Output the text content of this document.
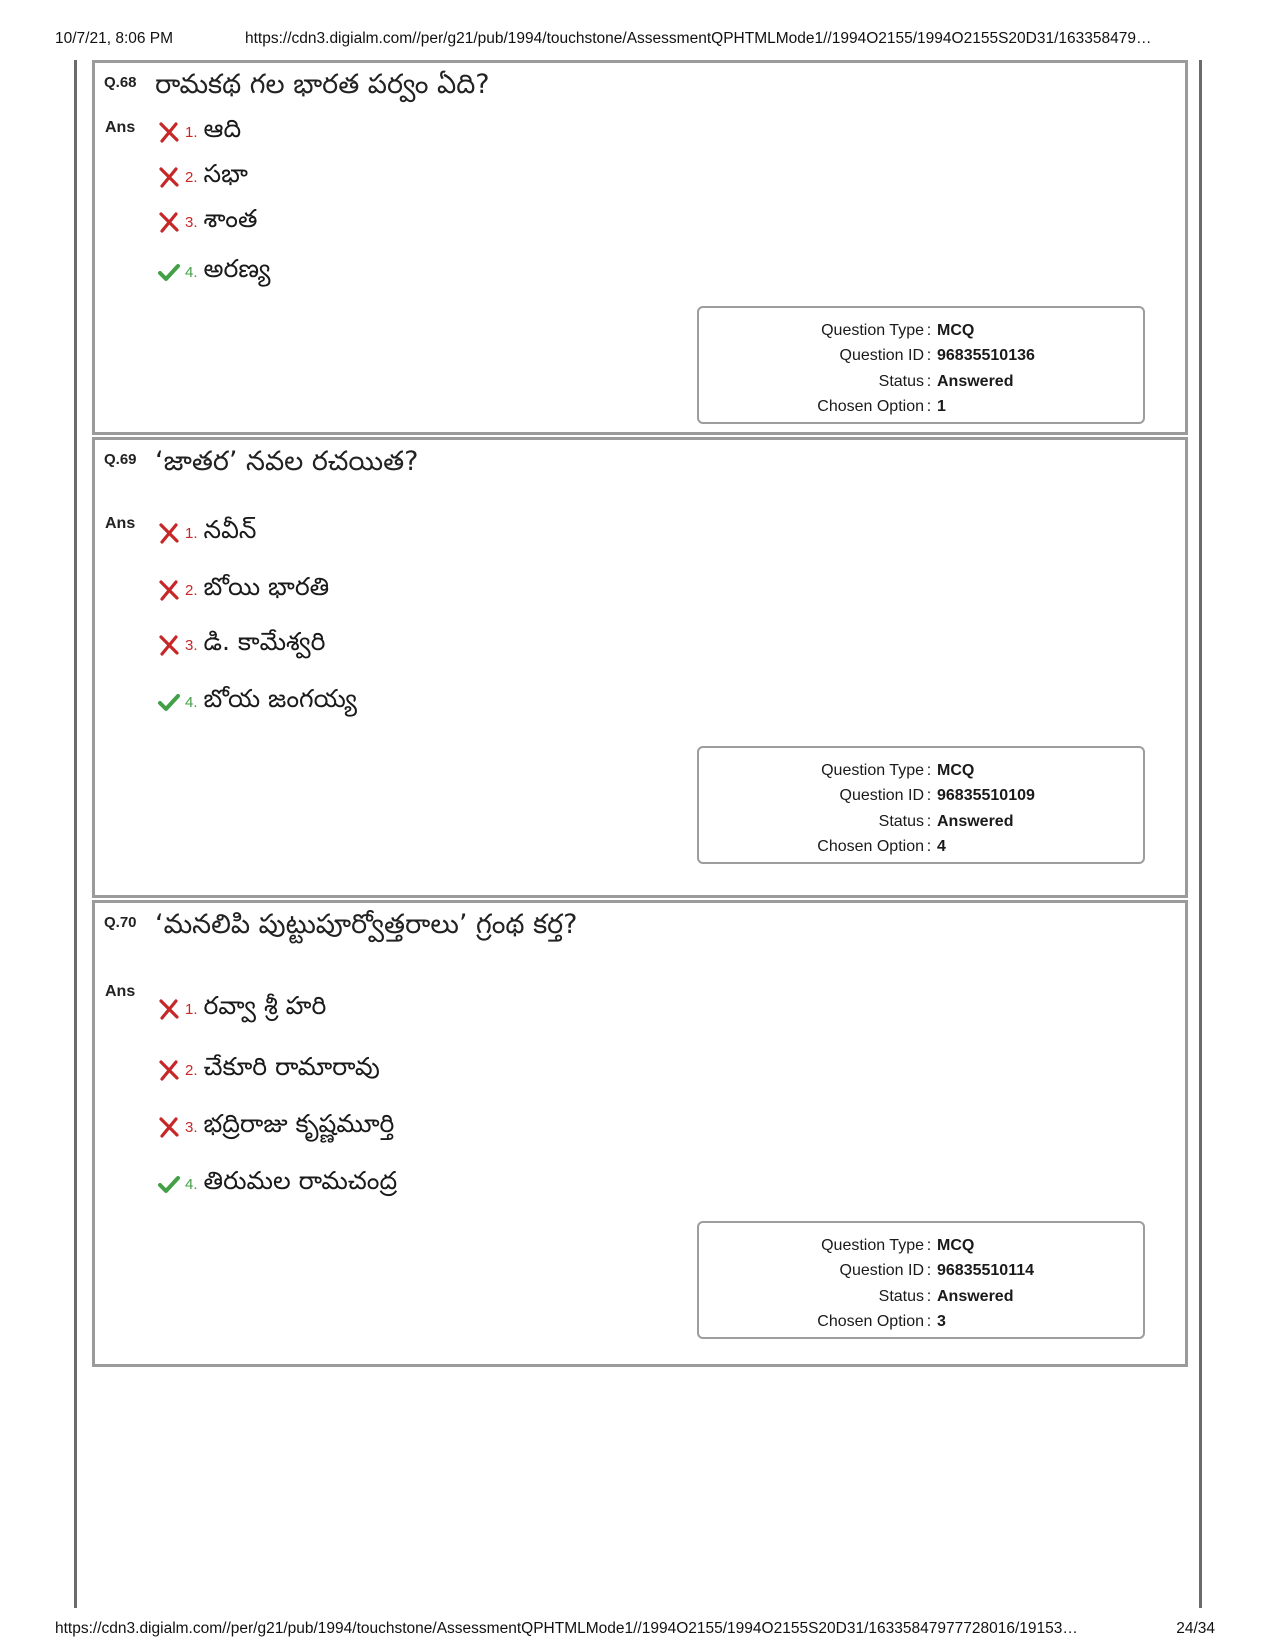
10/7/21, 8:06 PM	https://cdn3.digialm.com//per/g21/pub/1994/touchstone/AssessmentQPHTMLMode1//1994O2155/1994O2155S20D31/163358479…
Q.68 రామకథ గల భారత పర్వం ఏది?
Ans	1. ఆది
2. సభా
3. శాంత
4. అరణ్య
Question Type : MCQ
Question ID : 96835510136
Status : Answered
Chosen Option : 1
Q.69 ‘జాతర’ నవల రచయిత?
Ans
1. నవీన్
2. బోయి భారతి
3. డి. కామేశ్వరి
4. బోయ జంగయ్య
Question Type : MCQ
Question ID : 96835510109
Status : Answered
Chosen Option : 4
Q.70 ‘మనలిపి పుట్టుపూర్వోత్తరాలు’ గ్రంథ కర్త?
Ans
1. రవ్వా శ్రీ హరి
2. చేకూరి రామారావు
3. భద్రిరాజు కృష్ణమూర్తి
4. తిరుమల రామచంద్ర
Question Type : MCQ
Question ID : 96835510114
Status : Answered
Chosen Option : 3
https://cdn3.digialm.com//per/g21/pub/1994/touchstone/AssessmentQPHTMLMode1//1994O2155/1994O2155S20D31/16335847977728016/19153…	24/34
